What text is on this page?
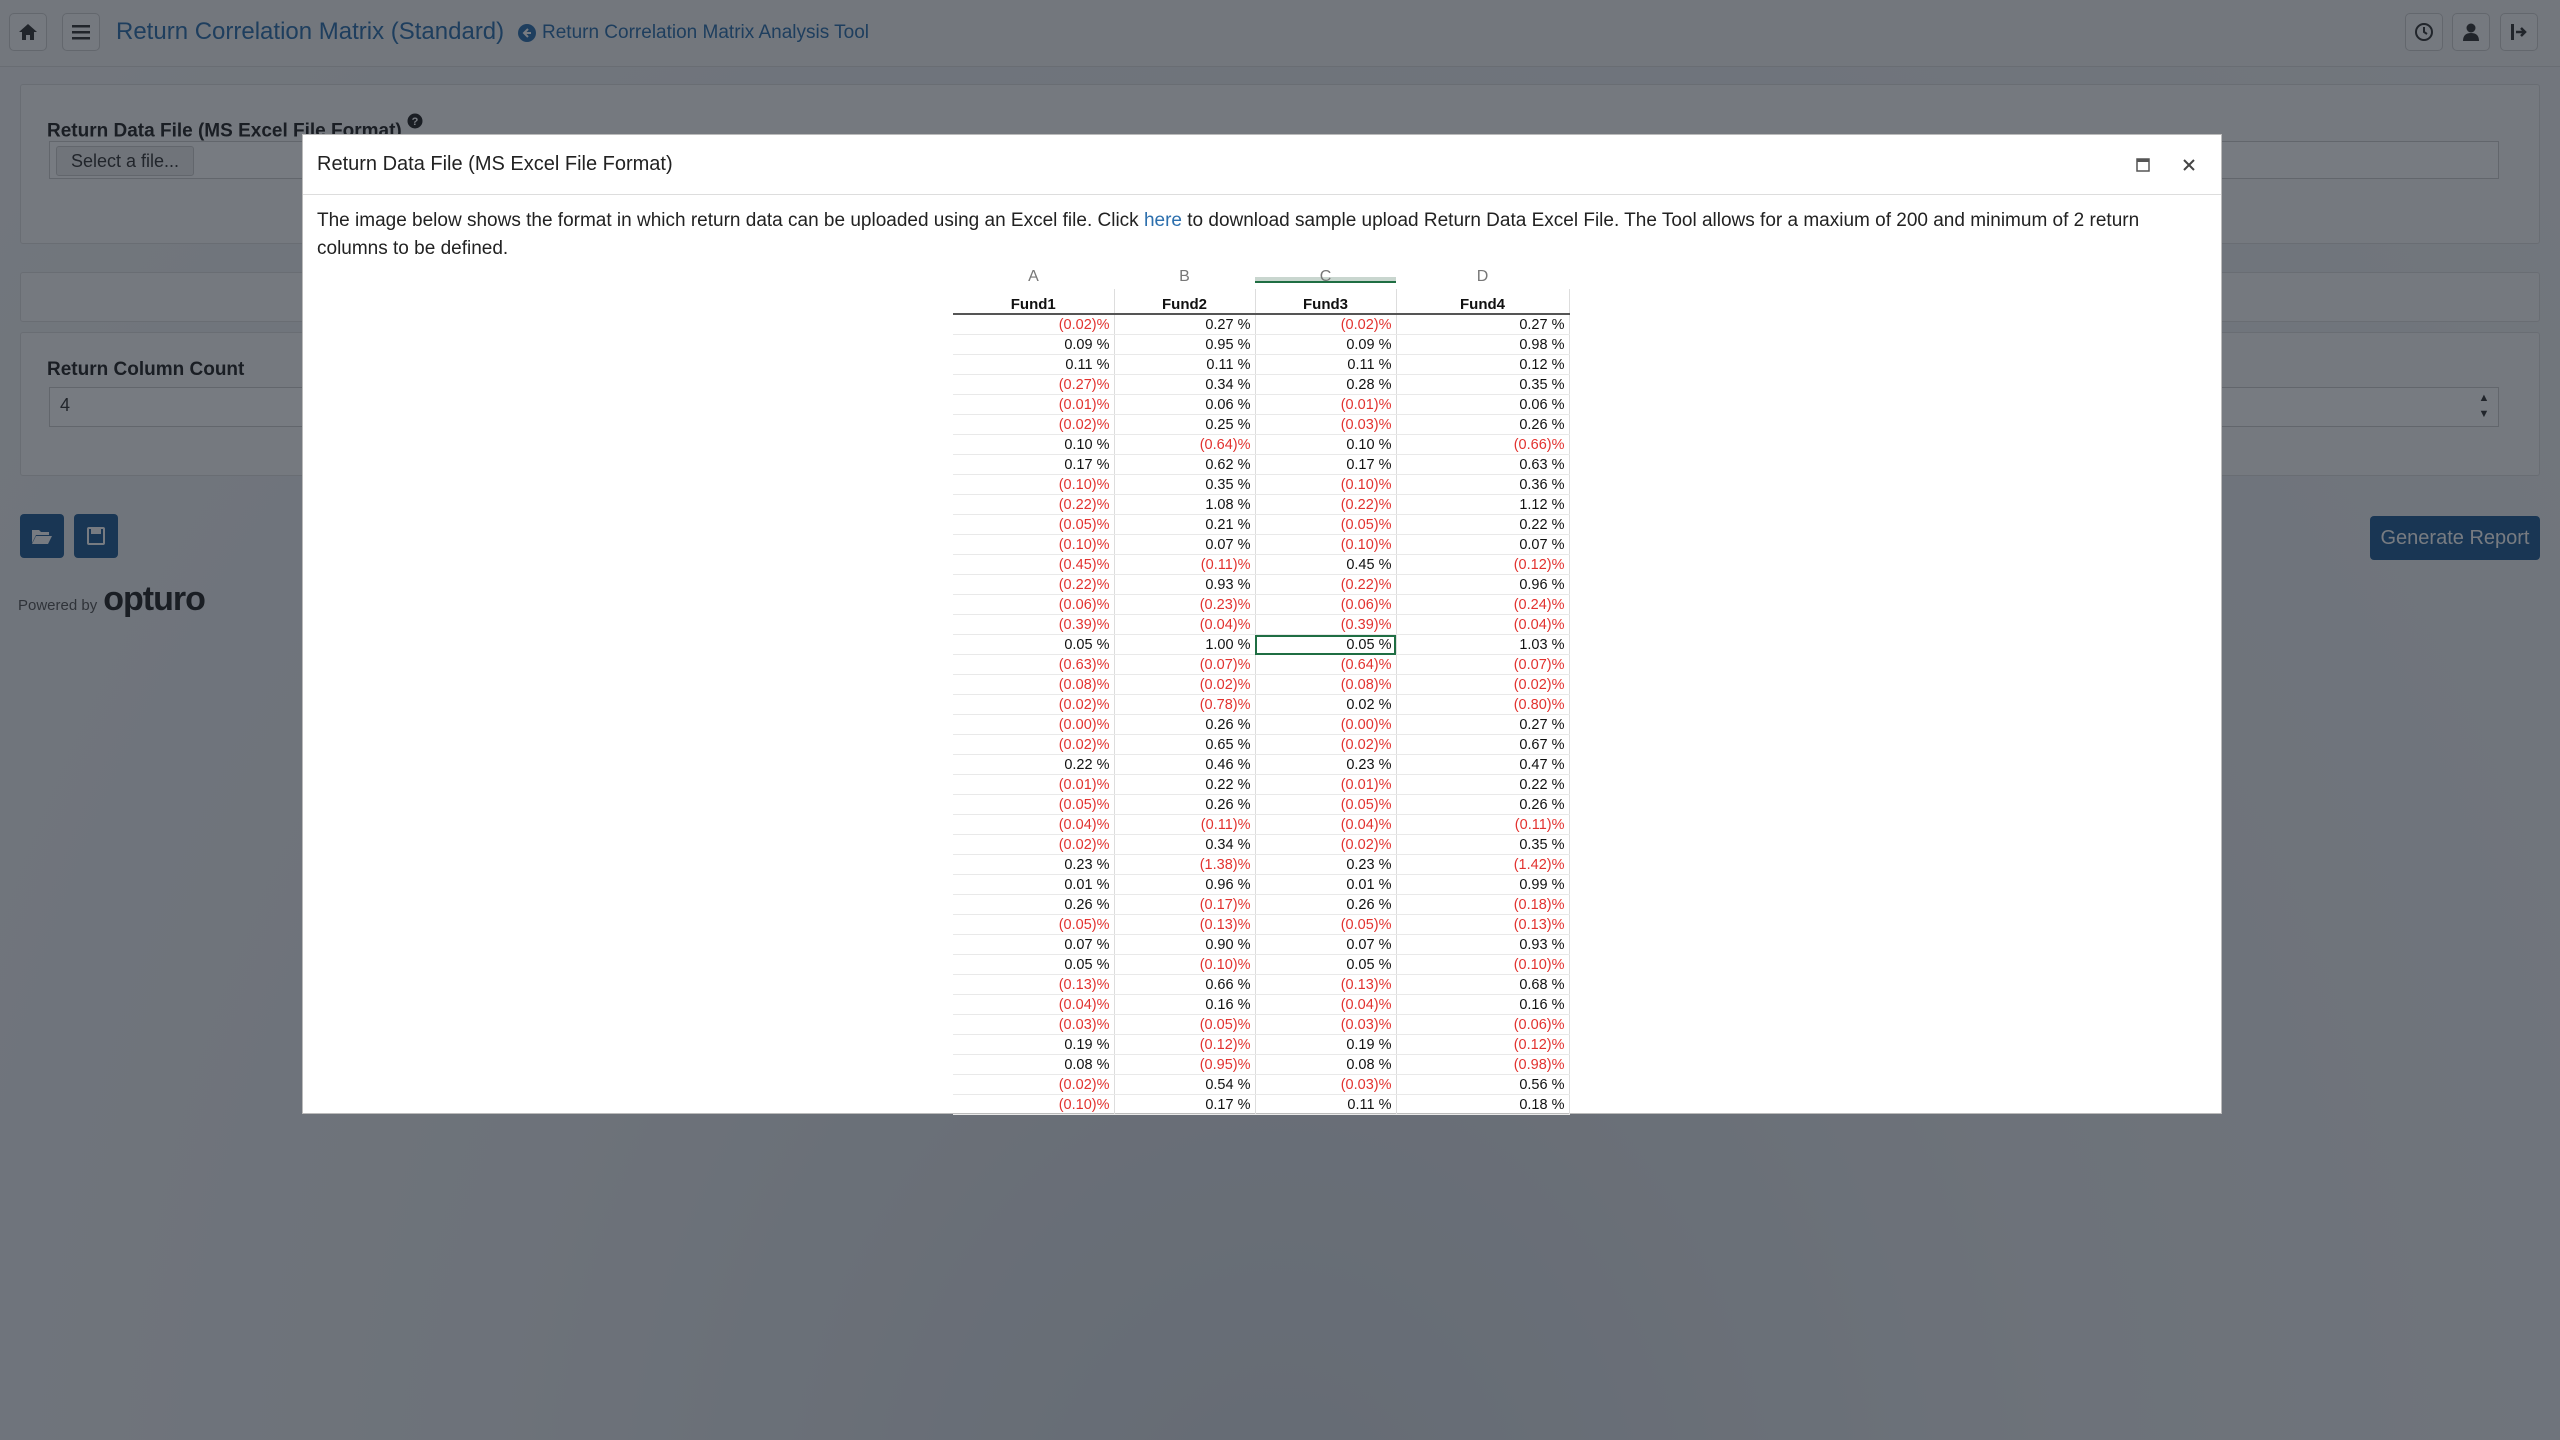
Return Data File (MS Excel File Format)
The image below shows the format in which return data can be uploaded using an Excel file. Click here to download sample upload Return Data Excel File. The Tool allows for a maxium of 200 and minimum of 2 return columns to be defined.
A	B	C	D
Fund1	Fund2	Fund3	Fund4
(0.02)%	0.27 %	(0.02)%	0.27 %
0.09 %	0.95 %	0.09 %	0.98 %
0.11 %	0.11 %	0.11 %	0.12 %
(0.27)%	0.34 %	0.28 %	0.35 %
(0.01)%	0.06 %	(0.01)%	0.06 %
(0.02)%	0.25 %	(0.03)%	0.26 %
0.10 %	(0.64)%	0.10 %	(0.66)%
0.17 %	0.62 %	0.17 %	0.63 %
(0.10)%	0.35 %	(0.10)%	0.36 %
(0.22)%	1.08 %	(0.22)%	1.12 %
(0.05)%	0.21 %	(0.05)%	0.22 %
(0.10)%	0.07 %	(0.10)%	0.07 %
(0.45)%	(0.11)%	0.45 %	(0.12)%
(0.22)%	0.93 %	(0.22)%	0.96 %
(0.06)%	(0.23)%	(0.06)%	(0.24)%
(0.39)%	(0.04)%	(0.39)%	(0.04)%
0.05 %	1.00 %	0.05 %	1.03 %
(0.63)%	(0.07)%	(0.64)%	(0.07)%
(0.08)%	(0.02)%	(0.08)%	(0.02)%
(0.02)%	(0.78)%	0.02 %	(0.80)%
(0.00)%	0.26 %	(0.00)%	0.27 %
(0.02)%	0.65 %	(0.02)%	0.67 %
0.22 %	0.46 %	0.23 %	0.47 %
(0.01)%	0.22 %	(0.01)%	0.22 %
(0.05)%	0.26 %	(0.05)%	0.26 %
(0.04)%	(0.11)%	(0.04)%	(0.11)%
(0.02)%	0.34 %	(0.02)%	0.35 %
0.23 %	(1.38)%	0.23 %	(1.42)%
0.01 %	0.96 %	0.01 %	0.99 %
0.26 %	(0.17)%	0.26 %	(0.18)%
(0.05)%	(0.13)%	(0.05)%	(0.13)%
0.07 %	0.90 %	0.07 %	0.93 %
0.05 %	(0.10)%	0.05 %	(0.10)%
(0.13)%	0.66 %	(0.13)%	0.68 %
(0.04)%	0.16 %	(0.04)%	0.16 %
(0.03)%	(0.05)%	(0.03)%	(0.06)%
0.19 %	(0.12)%	0.19 %	(0.12)%
0.08 %	(0.95)%	0.08 %	(0.98)%
(0.02)%	0.54 %	(0.03)%	0.56 %
(0.10)%	0.17 %	0.11 %	0.18 %
